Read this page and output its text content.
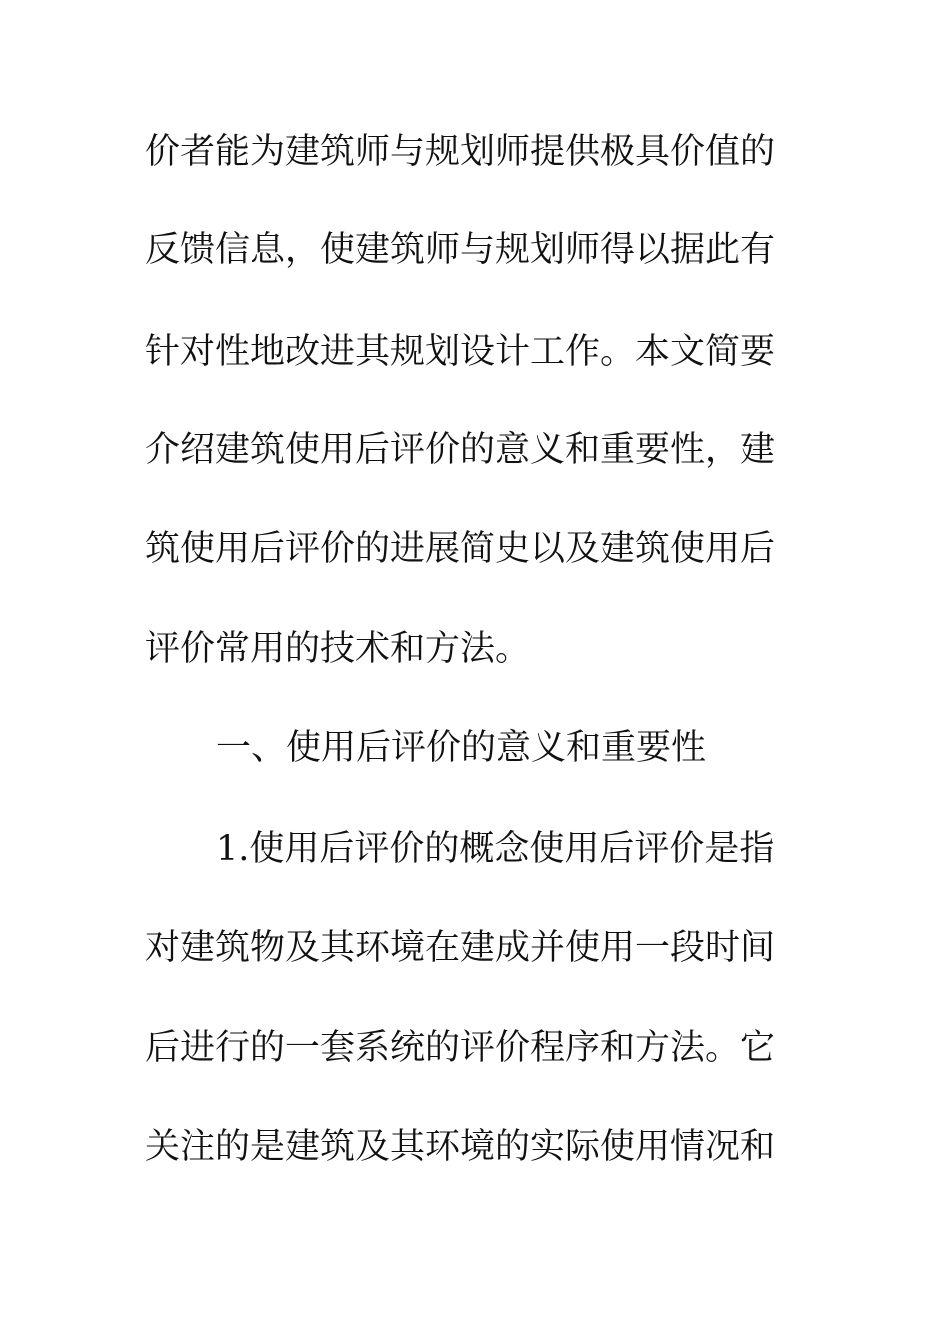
价者能为建筑师与规划师提供极具价值的
反馈信息，使建筑师与规划师得以据此有
针对性地改进其规划设计工作。本文简要
介绍建筑使用后评价的意义和重要性，建
筑使用后评价的进展简史以及建筑使用后
评价常用的技术和方法。
一、使用后评价的意义和重要性
1.使用后评价的概念使用后评价是指
对建筑物及其环境在建成并使用一段时间
后进行的一套系统的评价程序和方法。它
关注的是建筑及其环境的实际使用情况和
